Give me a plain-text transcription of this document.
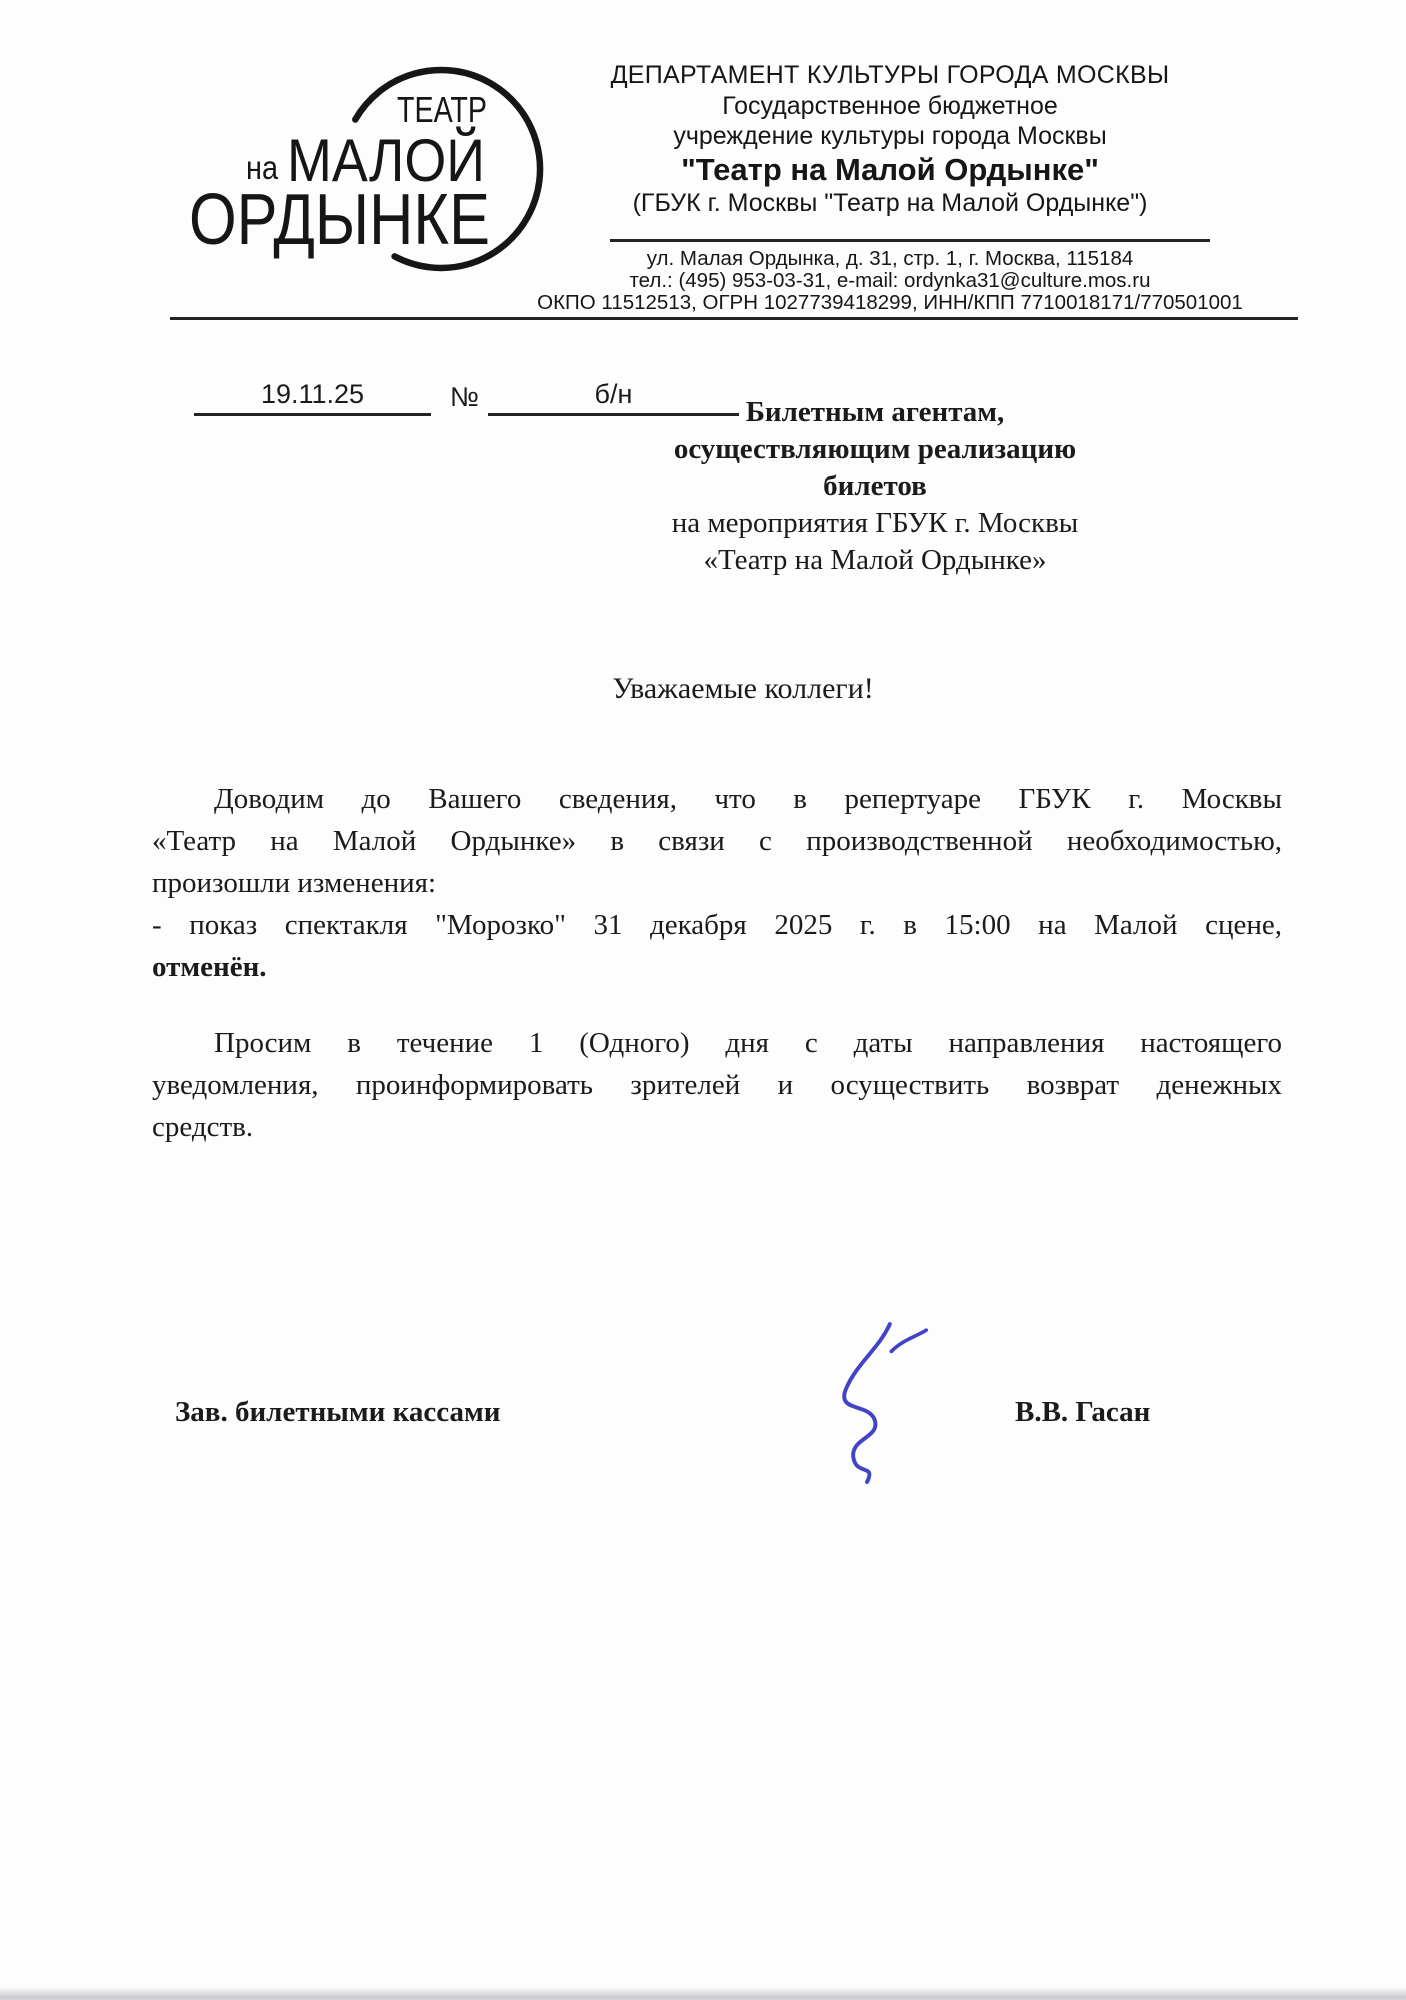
ТЕАТР
на МАЛОЙ
ОРДЫНКЕ
ДЕПАРТАМЕНТ КУЛЬТУРЫ ГОРОДА МОСКВЫ
Государственное бюджетное
учреждение культуры города Москвы
"Театр на Малой Ордынке"
(ГБУК г. Москвы "Театр на Малой Ордынке")
ул. Малая Ордынка, д. 31, стр. 1, г. Москва, 115184
тел.: (495) 953-03-31, e-mail: ordynka31@culture.mos.ru
ОКПО 11512513, ОГРН 1027739418299, ИНН/КПП 7710018171/770501001
19.11.25	№	б/н
Билетным агентам,
осуществляющим реализацию
билетов
на мероприятия ГБУК г. Москвы
«Театр на Малой Ордынке»
Уважаемые коллеги!
Доводим до Вашего сведения, что в репертуаре ГБУК г. Москвы
«Театр на Малой Ордынке» в связи с производственной необходимостью,
произошли изменения:
- показ спектакля "Морозко" 31 декабря 2025 г. в 15:00 на Малой сцене,
отменён.
Просим в течение 1 (Одного) дня с даты направления настоящего
уведомления, проинформировать зрителей и осуществить возврат денежных
средств.
Зав. билетными кассами	В.В. Гасан
